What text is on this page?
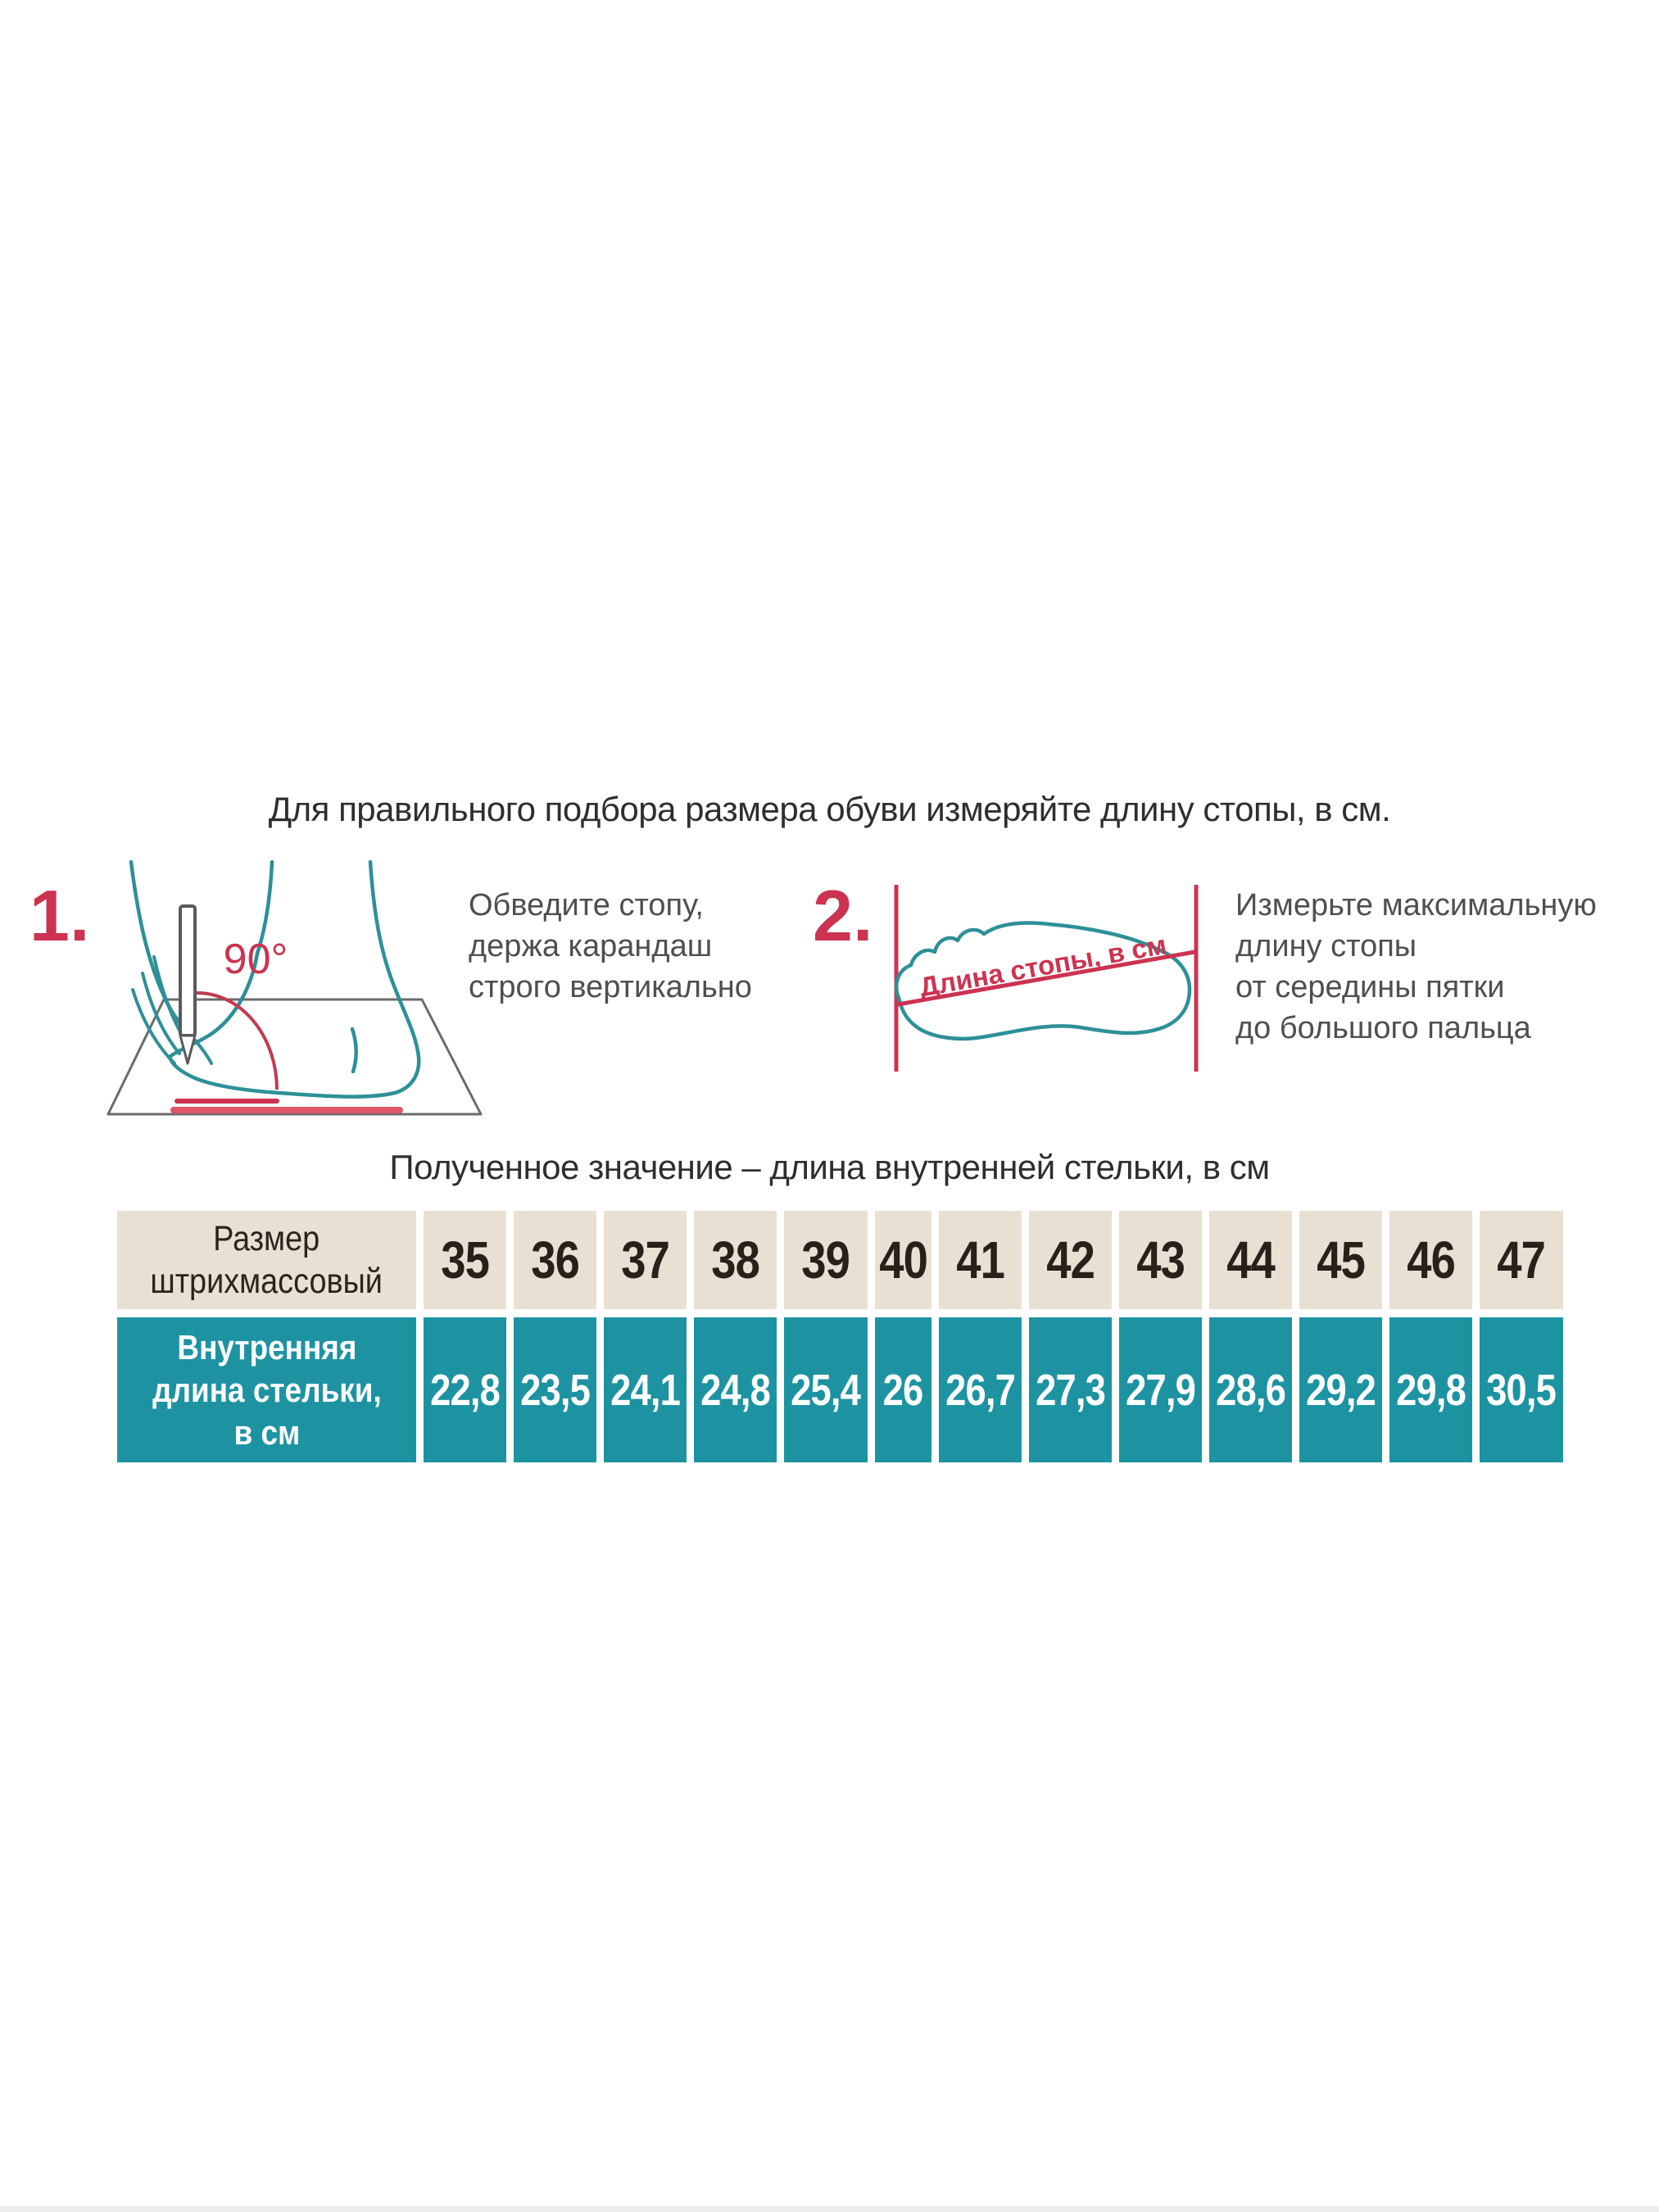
Для правильного подбора размера обуви измеряйте длину стопы, в см.
1.
90°
Обведите стопу,
держа карандаш
строго вертикально
2.
Длина стопы, в см
Измерьте максимальную
длину стопы
от середины пятки
до большого пальца
Полученное значение – длина внутренней стельки, в см
Размер
штрихмассовый 35 36 37 38 39 40 41 42 43 44 45 46 47
Внутренняя
длина стельки,
в см
22,8 23,5 24,1 24,8 25,4 26 26,7 27,3 27,9 28,6 29,2 29,8 30,5
